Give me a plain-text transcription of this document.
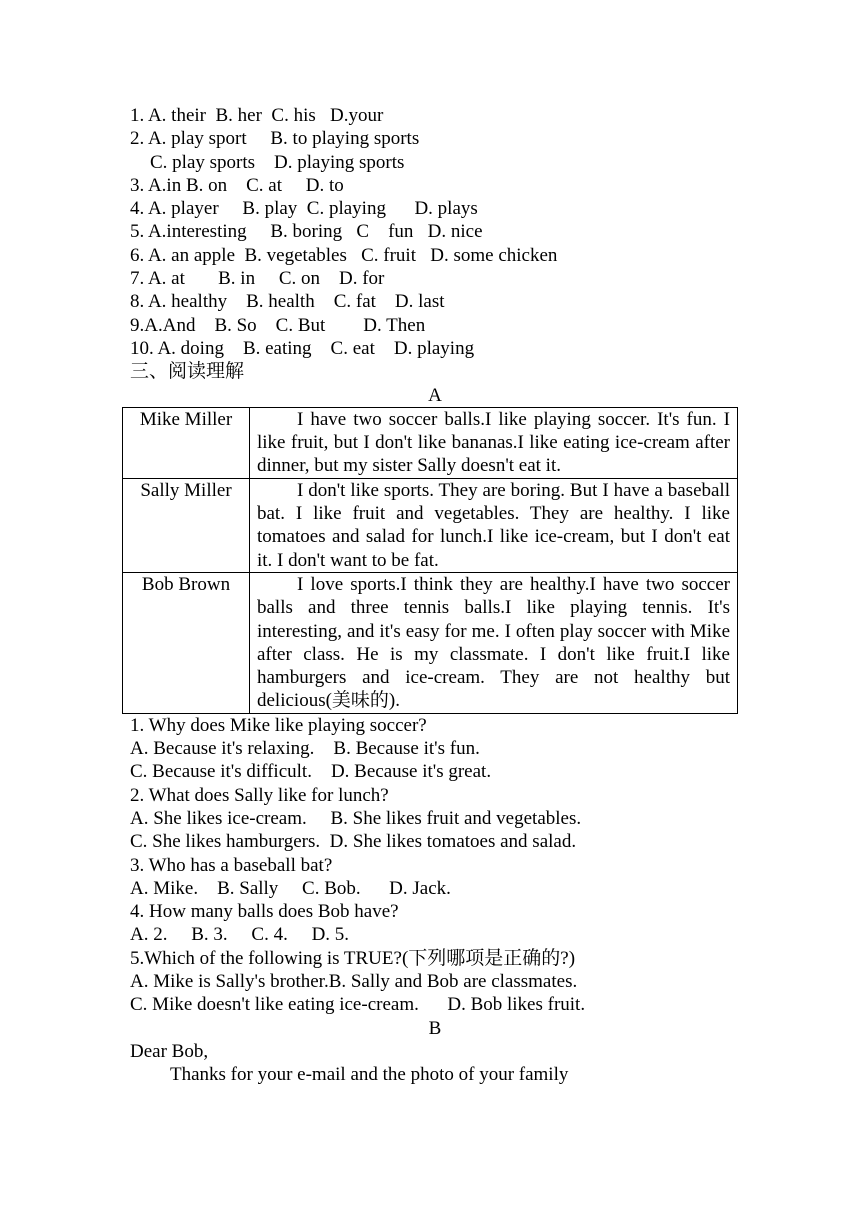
1. A. their  B. her  C. his   D.your
2. A. play sport     B. to playing sports
C. play sports    D. playing sports
3. A.in B. on    C. at     D. to
4. A. player     B. play  C. playing      D. plays
5. A.interesting     B. boring   C    fun   D. nice
6. A. an apple  B. vegetables   C. fruit   D. some chicken
7. A. at       B. in     C. on    D. for
8. A. healthy    B. health    C. fat    D. last
9.A.And    B. So    C. But        D. Then
10. A. doing    B. eating    C. eat    D. playing
三、阅读理解
A
Mike Miller	I have two soccer balls.I like playing soccer. It's fun. I like fruit, but I don't like bananas.I like eating ice-cream after dinner, but my sister Sally doesn't eat it.
Sally Miller	I don't like sports. They are boring. But I have a baseball bat. I like fruit and vegetables. They are healthy. I like tomatoes and salad for lunch.I like ice-cream, but I don't eat it. I don't want to be fat.
Bob Brown	I love sports.I think they are healthy.I have two soccer balls and three tennis balls.I like playing tennis. It's interesting, and it's easy for me. I often play soccer with Mike after class. He is my classmate. I don't like fruit.I like hamburgers and ice-cream. They are not healthy but delicious(美味的).
1. Why does Mike like playing soccer?
A. Because it's relaxing.    B. Because it's fun.
C. Because it's difficult.    D. Because it's great.
2. What does Sally like for lunch?
A. She likes ice-cream.     B. She likes fruit and vegetables.
C. She likes hamburgers.  D. She likes tomatoes and salad.
3. Who has a baseball bat?
A. Mike.    B. Sally     C. Bob.      D. Jack.
4. How many balls does Bob have?
A. 2.     B. 3.     C. 4.     D. 5.
5.Which of the following is TRUE?(下列哪项是正确的?)
A. Mike is Sally's brother.B. Sally and Bob are classmates.
C. Mike doesn't like eating ice-cream.      D. Bob likes fruit.
B
Dear Bob,
Thanks for your e-mail and the photo of your family
